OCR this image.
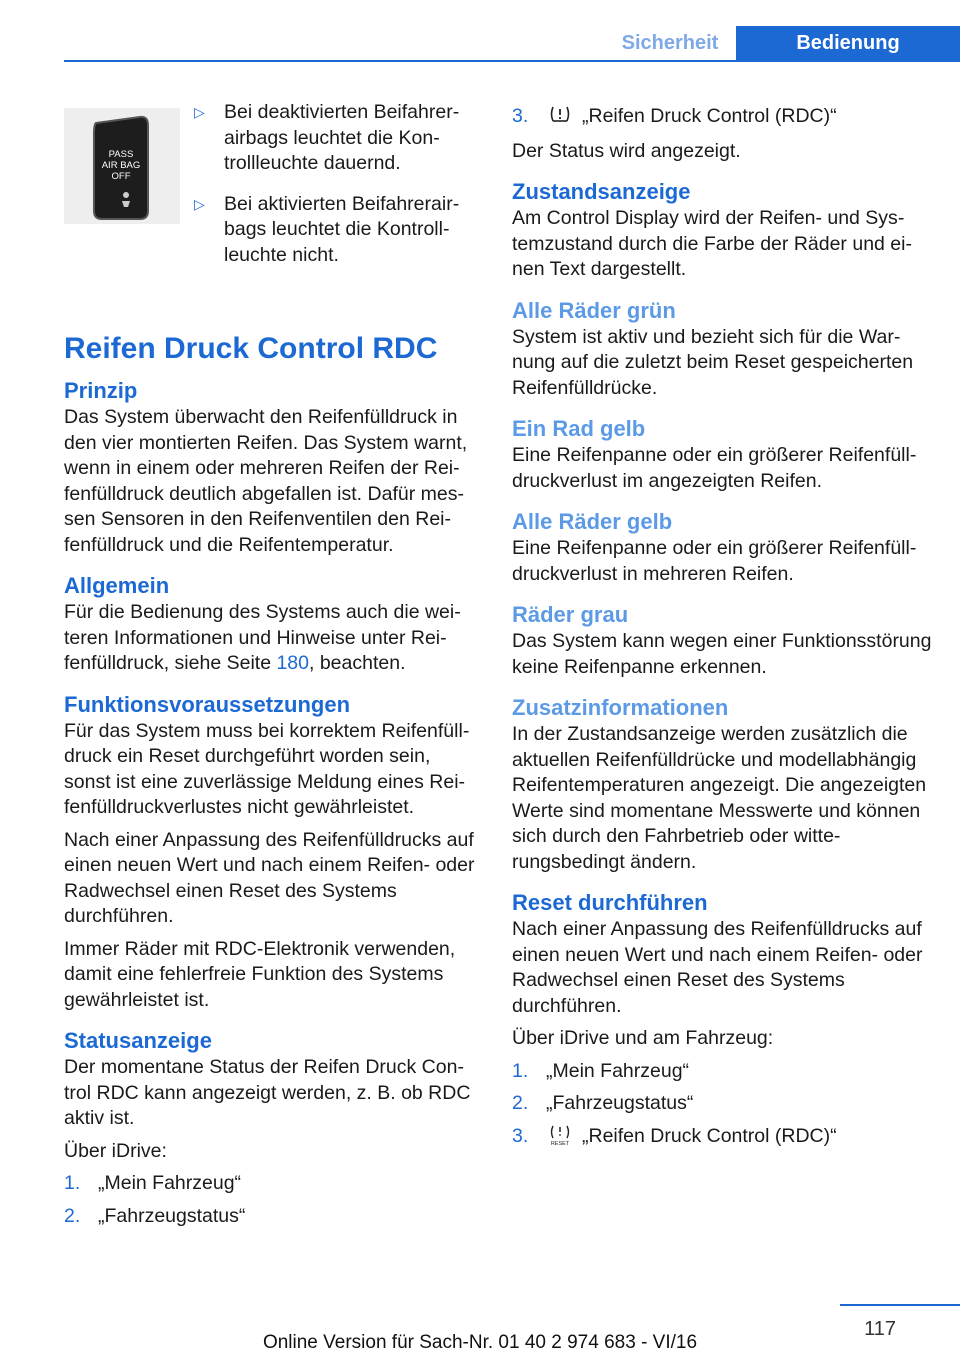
Sicherheit	Bedienung
PASS
AIR BAG
OFF
▷ Bei deaktivierten Beifahrerairbags leuchtet die Kontrollleuchte dauernd.

▷ Bei aktivierten Beifahrerairbags leuchtet die Kontrollleuchte nicht.

Reifen Druck Control RDC
Prinzip

Das System überwacht den Reifenfülldruck in den vier montierten Reifen. Das System warnt, wenn in einem oder mehreren Reifen der Reifenfülldruck deutlich abgefallen ist. Dafür messen Sensoren in den Reifenventilen den Reifenfülldruck und die Reifentemperatur.

Allgemein

Für die Bedienung des Systems auch die weiteren Informationen und Hinweise unter Reifenfülldruck, siehe Seite 180, beachten.

Funktionsvoraussetzungen

Für das System muss bei korrektem Reifenfülldruck ein Reset durchgeführt worden sein, sonst ist eine zuverlässige Meldung eines Reifenfülldruckverlustes nicht gewährleistet.

Nach einer Anpassung des Reifenfülldrucks auf einen neuen Wert und nach einem Reifen- oder Radwechsel einen Reset des Systems durchführen.

Immer Räder mit RDC-Elektronik verwenden, damit eine fehlerfreie Funktion des Systems gewährleistet ist.

Statusanzeige

Der momentane Status der Reifen Druck Control RDC kann angezeigt werden, z. B. ob RDC aktiv ist.

Über iDrive:

1. „Mein Fahrzeug“
2. „Fahrzeugstatus“
3.	„Reifen Druck Control (RDC)“

Der Status wird angezeigt.

Zustandsanzeige

Am Control Display wird der Reifen- und Systemzustand durch die Farbe der Räder und einen Text dargestellt.

Alle Räder grün

System ist aktiv und bezieht sich für die Warnung auf die zuletzt beim Reset gespeicherten Reifenfülldrücke.

Ein Rad gelb

Eine Reifenpanne oder ein größerer Reifenfülldruckverlust im angezeigten Reifen.

Alle Räder gelb

Eine Reifenpanne oder ein größerer Reifenfülldruckverlust in mehreren Reifen.

Räder grau

Das System kann wegen einer Funktionsstörung keine Reifenpanne erkennen.

Zusatzinformationen

In der Zustandsanzeige werden zusätzlich die aktuellen Reifenfülldrücke und modellabhängig Reifentemperaturen angezeigt. Die angezeigten Werte sind momentane Messwerte und können sich durch den Fahrbetrieb oder witterungsbedingt ändern.

Reset durchführen

Nach einer Anpassung des Reifenfülldrucks auf einen neuen Wert und nach einem Reifen- oder Radwechsel einen Reset des Systems durchführen.

Über iDrive und am Fahrzeug:

1. „Mein Fahrzeug“
2. „Fahrzeugstatus“
3.	RESET „Reifen Druck Control (RDC)“
117
Online Version für Sach-Nr. 01 40 2 974 683 - VI/16
